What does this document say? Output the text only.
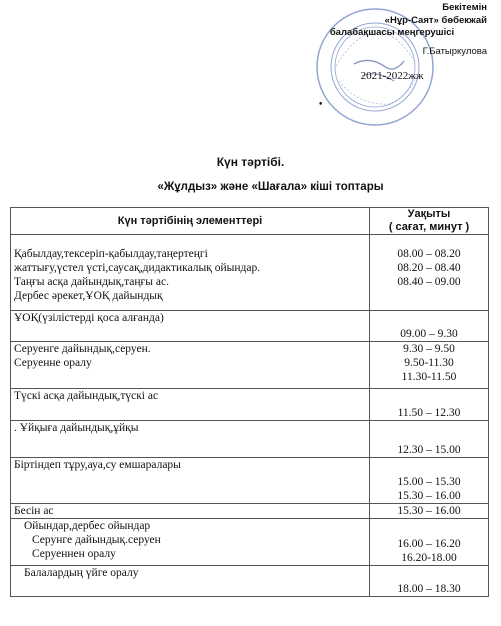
Бекітемін
«Нұр-Саят» бөбекжай
балабақшасы меңгерушісі
Г.Батыркулова
2021-2022жж
•
Күн тәртібі.
«Жұлдыз» және «Шағала» кіші топтары
Күн тәртібінің элементтері	Уақыты
( сағат, минут )

Қабылдау,тексеріп-қабылдау,таңертеңгі
жаттығу,үстел үсті,саусақ,дидактикалық ойындар.
Таңғы асқа дайындық,таңғы ас.
Дербес әрекет,ҰОҚ дайындық	08.00 – 08.20
08.20 – 08.40
08.40 – 09.00

ҰОҚ(үзілістерді қоса алғанда)	09.00 – 9.30

Серуенге дайындық,серуен.
Серуенне оралу	9.30 – 9.50
9.50-11.30
11.30-11.50

Түскі асқа дайындық,түскі ас	11.50 – 12.30

. Ұйқыға дайындық,ұйқы	12.30 – 15.00

Біртіндеп тұру,ауа,су емшаралары	15.00 – 15.30
15.30 – 16.00

Бесін ас	15.30 – 16.00

Ойындар,дербес ойындар
Серунге дайындық.серуен
Серуеннен оралу	16.00 – 16.20
16.20-18.00

Балалардың үйге оралу	18.00 – 18.30
